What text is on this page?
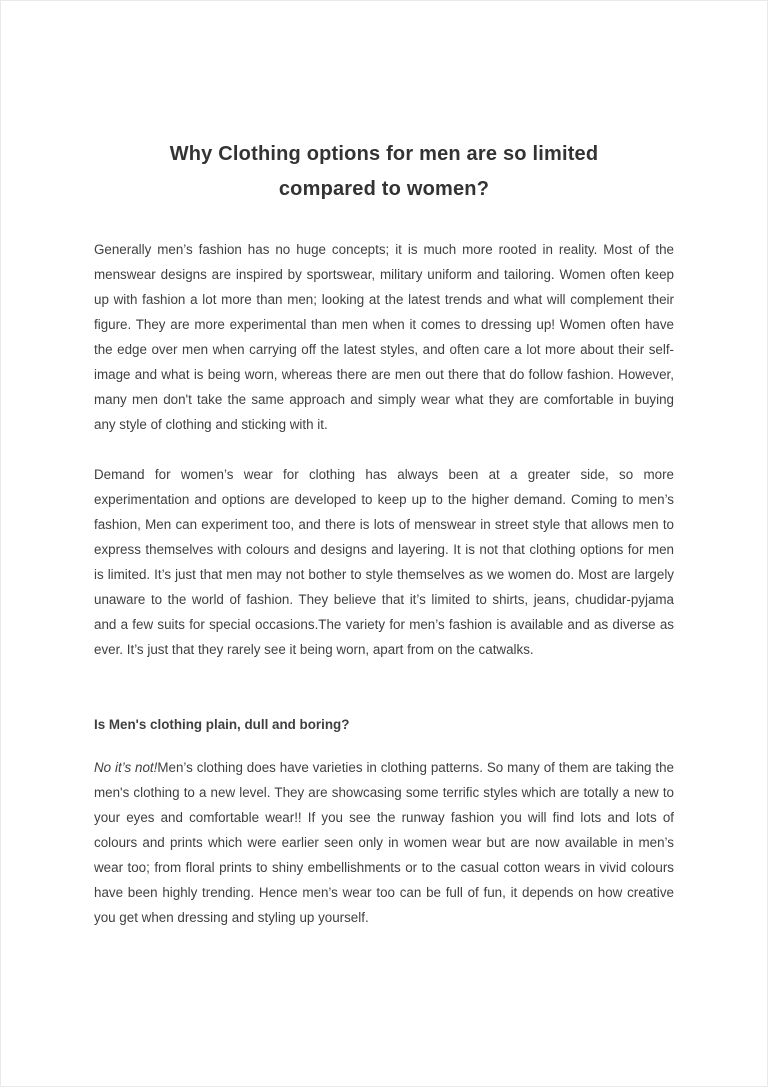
Why Clothing options for men are so limited compared to women?

Generally men’s fashion has no huge concepts; it is much more rooted in reality. Most of the menswear designs are inspired by sportswear, military uniform and tailoring. Women often keep up with fashion a lot more than men; looking at the latest trends and what will complement their figure. They are more experimental than men when it comes to dressing up! Women often have the edge over men when carrying off the latest styles, and often care a lot more about their self-image and what is being worn, whereas there are men out there that do follow fashion. However, many men don't take the same approach and simply wear what they are comfortable in buying any style of clothing and sticking with it.

Demand for women’s wear for clothing has always been at a greater side, so more experimentation and options are developed to keep up to the higher demand. Coming to men’s fashion, Men can experiment too, and there is lots of menswear in street style that allows men to express themselves with colours and designs and layering. It is not that clothing options for men is limited. It’s just that men may not bother to style themselves as we women do. Most are largely unaware to the world of fashion. They believe that it’s limited to shirts, jeans, chudidar-pyjama and a few suits for special occasions.The variety for men’s fashion is available and as diverse as ever. It’s just that they rarely see it being worn, apart from on the catwalks.

Is Men's clothing plain, dull and boring?

No it’s not!Men’s clothing does have varieties in clothing patterns. So many of them are taking the men's clothing to a new level. They are showcasing some terrific styles which are totally a new to your eyes and comfortable wear!! If you see the runway fashion you will find lots and lots of colours and prints which were earlier seen only in women wear but are now available in men’s wear too; from floral prints to shiny embellishments or to the casual cotton wears in vivid colours have been highly trending. Hence men’s wear too can be full of fun, it depends on how creative you get when dressing and styling up yourself.
